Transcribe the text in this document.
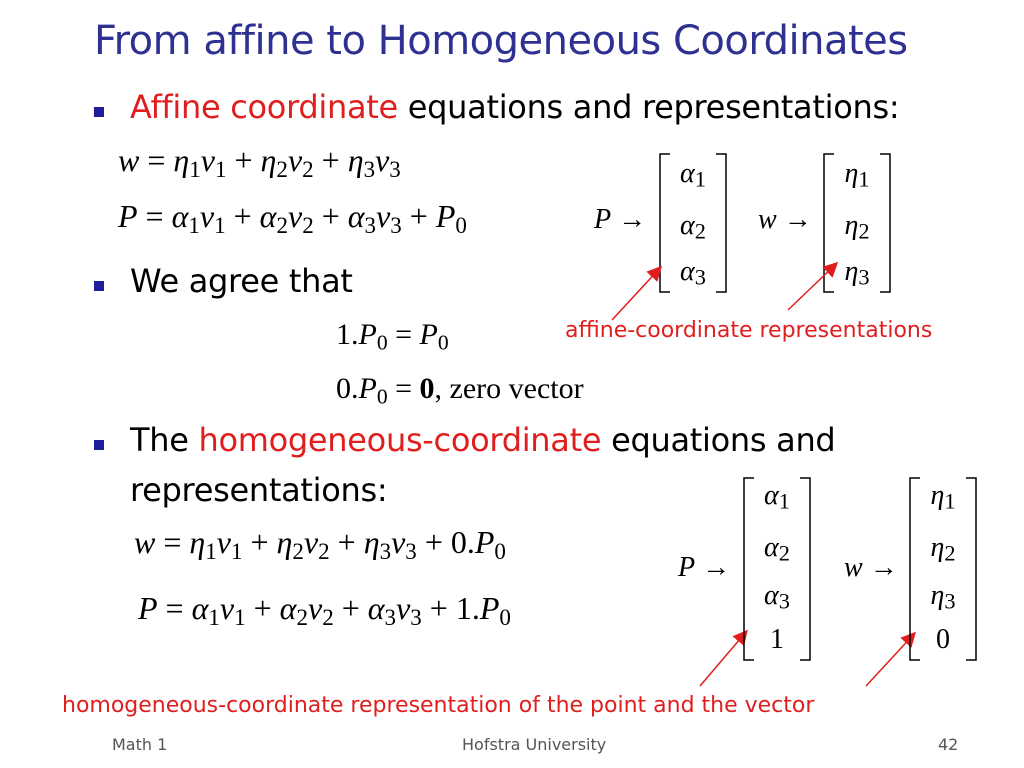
From affine to Homogeneous Coordinates
Affine coordinate equations and representations:
$w = \eta_1v_1 + \eta_2v_2 + \eta_3v_3$
$P = \alpha_1v_1 + \alpha_2v_2 + \alpha_3v_3 + P_0$	P →
$\alpha_1$
$\alpha_2$
$\alpha_3$
w →
$\eta_1$
$\eta_2$
$\eta_3$
We agree that
$1.P_0 = P_0$
$0.P_0 = 0$, zero vector
affine-coordinate representations
The homogeneous-coordinate equations and
representations:
$w = \eta_1v_1 + \eta_2v_2 + \eta_3v_3 + 0.P_0$
$P = \alpha_1v_1 + \alpha_2v_2 + \alpha_3v_3 + 1.P_0$
P →
$\alpha_1$
$\alpha_2$
$\alpha_3$
1
w →
$\eta_1$
$\eta_2$
$\eta_3$
0
homogeneous-coordinate representation of the point and the vector
Math 1	Hofstra University	42
